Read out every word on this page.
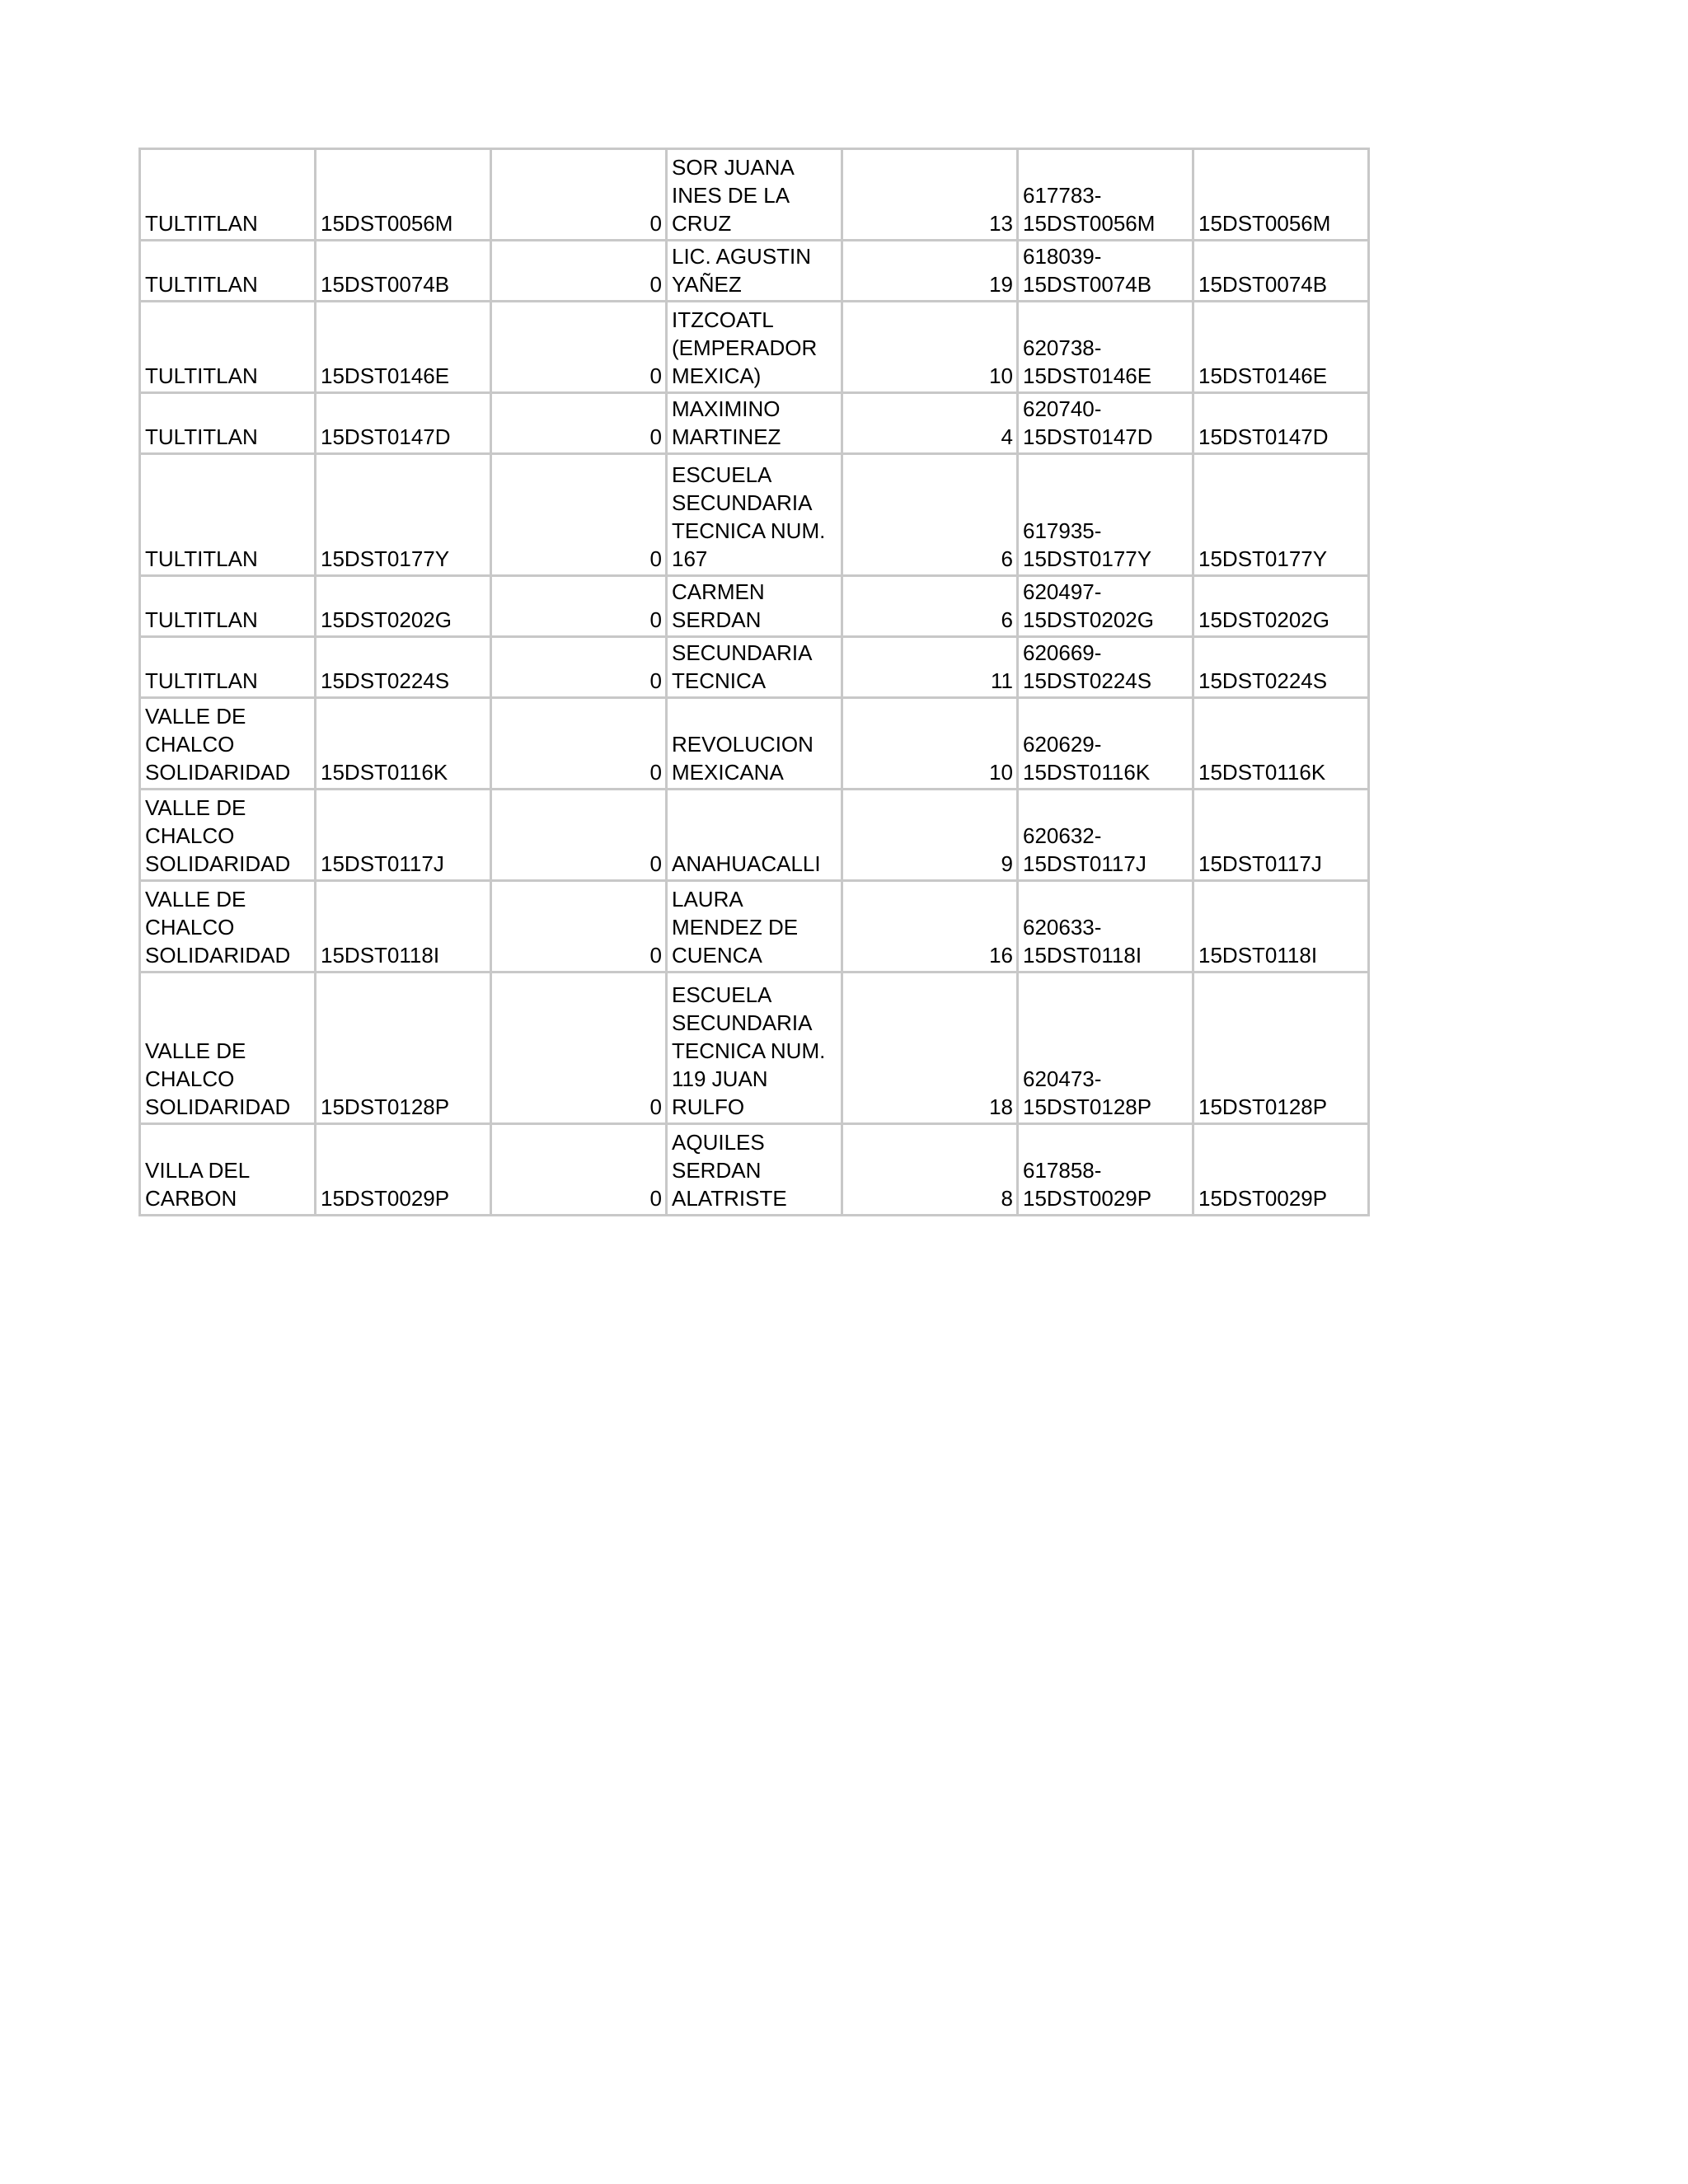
TULTITLAN	15DST0056M	0	SOR JUANA
INES DE LA
CRUZ	13	617783-
15DST0056M	15DST0056M
TULTITLAN	15DST0074B	0	LIC. AGUSTIN
YAÑEZ	19	618039-
15DST0074B	15DST0074B
TULTITLAN	15DST0146E	0	ITZCOATL
(EMPERADOR
MEXICA)	10	620738-
15DST0146E	15DST0146E
TULTITLAN	15DST0147D	0	MAXIMINO
MARTINEZ	4	620740-
15DST0147D	15DST0147D
TULTITLAN	15DST0177Y	0	ESCUELA
SECUNDARIA
TECNICA NUM.
167	6	617935-
15DST0177Y	15DST0177Y
TULTITLAN	15DST0202G	0	CARMEN
SERDAN	6	620497-
15DST0202G	15DST0202G
TULTITLAN	15DST0224S	0	SECUNDARIA
TECNICA	11	620669-
15DST0224S	15DST0224S
VALLE DE
CHALCO
SOLIDARIDAD	15DST0116K	0	REVOLUCION
MEXICANA	10	620629-
15DST0116K	15DST0116K
VALLE DE
CHALCO
SOLIDARIDAD	15DST0117J	0	ANAHUACALLI	9	620632-
15DST0117J	15DST0117J
VALLE DE
CHALCO
SOLIDARIDAD	15DST0118I	0	LAURA
MENDEZ DE
CUENCA	16	620633-
15DST0118I	15DST0118I
VALLE DE
CHALCO
SOLIDARIDAD	15DST0128P	0	ESCUELA
SECUNDARIA
TECNICA NUM.
119 JUAN
RULFO	18	620473-
15DST0128P	15DST0128P
VILLA DEL
CARBON	15DST0029P	0	AQUILES
SERDAN
ALATRISTE	8	617858-
15DST0029P	15DST0029P
